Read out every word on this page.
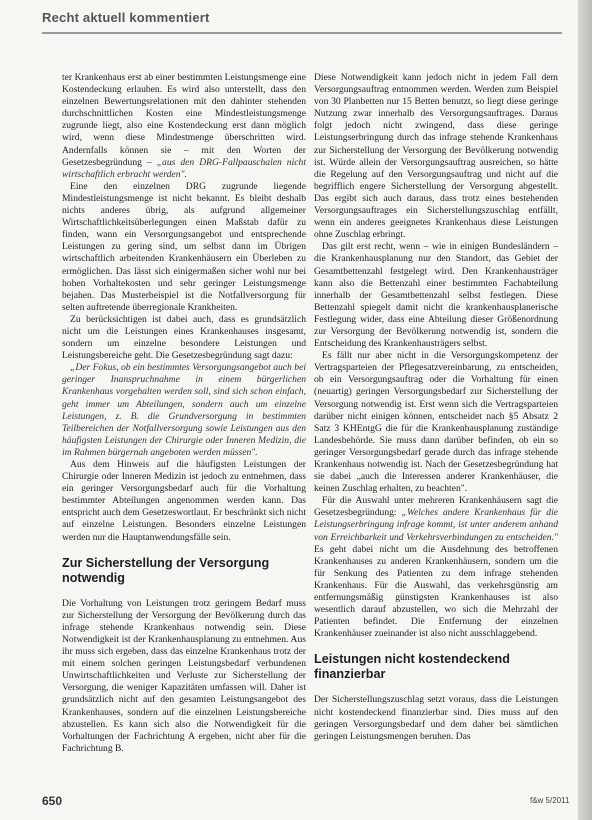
Recht aktuell kommentiert

ter Krankenhaus erst ab einer bestimmten Leistungsmenge eine Kostendeckung erlauben. Es wird also unterstellt, dass den einzelnen Bewertungsrelationen mit den dahinter stehenden durchschnittlichen Kosten eine Mindestleistungsmenge zugrunde liegt, also eine Kostendeckung erst dann möglich wird, wenn diese Mindestmenge überschritten wird. Andernfalls können sie – mit den Worten der Gesetzesbegründung – „aus den DRG-Fallpauschalen nicht wirtschaftlich erbracht werden".

Eine den einzelnen DRG zugrunde liegende Mindestleistungsmenge ist nicht bekannt. Es bleibt deshalb nichts anderes übrig, als aufgrund allgemeiner Wirtschaftlichkeitsüberlegungen einen Maßstab dafür zu finden, wann ein Versorgungsangebot und entsprechende Leistungen zu gering sind, um selbst dann im Übrigen wirtschaftlich arbeitenden Krankenhäusern ein Überleben zu ermöglichen. Das lässt sich einigermaßen sicher wohl nur bei hohen Vorhaltekosten und sehr geringer Leistungsmenge bejahen. Das Musterbeispiel ist die Notfallversorgung für selten auftretende überregionale Krankheiten.

Zu berücksichtigen ist dabei auch, dass es grundsätzlich nicht um die Leistungen eines Krankenhauses insgesamt, sondern um einzelne besondere Leistungen und Leistungsbereiche geht. Die Gesetzesbegründung sagt dazu:

„Der Fokus, ob ein bestimmtes Versorgungsangebot auch bei geringer Inanspruchnahme in einem bürgerlichen Krankenhaus vorgehalten werden soll, sind sich schon einfach, geht immer um Abteilungen, sondern auch um einzelne Leistungen, z. B. die Grundversorgung in bestimmten Teilbereichen der Notfallversorgung sowie Leistungen aus den häufigsten Leistungen der Chirurgie oder Inneren Medizin, die im Rahmen bürgernah angeboten werden müssen".

Aus dem Hinweis auf die häufigsten Leistungen der Chirurgie oder Inneren Medizin ist jedoch zu entnehmen, dass ein geringer Versorgungsbedarf auch für die Vorhaltung bestimmter Abteilungen angenommen werden kann. Das entspricht auch dem Gesetzeswortlaut. Er beschränkt sich nicht auf einzelne Leistungen. Besonders einzelne Leistungen werden nur die Hauptanwendungsfälle sein.

Zur Sicherstellung der Versorgung notwendig

Die Vorhaltung von Leistungen trotz geringem Bedarf muss zur Sicherstellung der Versorgung der Bevölkerung durch das infrage stehende Krankenhaus notwendig sein. Diese Notwendigkeit ist der Krankenhausplanung zu entnehmen. Aus ihr muss sich ergeben, dass das einzelne Krankenhaus trotz der mit einem solchen geringen Leistungsbedarf verbundenen Unwirtschaftlichkeiten und Verluste zur Sicherstellung der Versorgung, die weniger Kapazitäten umfassen will. Daher ist grundsätzlich nicht auf den gesamten Leistungsangebot des Krankenhauses, sondern auf die einzelnen Leistungsbereiche abzustellen. Es kann sich also die Notwendigkeit für die Vorhaltungen der Fachrichtung A ergeben, nicht aber für die Fachrichtung B.

Diese Notwendigkeit kann jedoch nicht in jedem Fall dem Versorgungsauftrag entnommen werden. Werden zum Beispiel von 30 Planbetten nur 15 Betten benutzt, so liegt diese geringe Nutzung zwar innerhalb des Versorgungsauftrages. Daraus folgt jedoch nicht zwingend, dass diese geringe Leistungserbringung durch das infrage stehende Krankenhaus zur Sicherstellung der Versorgung der Bevölkerung notwendig ist. Würde allein der Versorgungsauftrag ausreichen, so hätte die Regelung auf den Versorgungsauftrag und nicht auf die begrifflich engere Sicherstellung der Versorgung abgestellt. Das ergibt sich auch daraus, dass trotz eines bestehenden Versorgungsauftrages ein Sicherstellungszuschlag entfällt, wenn ein anderes geeignetes Krankenhaus diese Leistungen ohne Zuschlag erbringt.

Das gilt erst recht, wenn – wie in einigen Bundesländern – die Krankenhausplanung nur den Standort, das Gebiet der Gesamtbettenzahl festgelegt wird. Den Krankenhausträger kann also die Bettenzahl einer bestimmten Fachabteilung innerhalb der Gesamtbettenzahl selbst festlegen. Diese Bettenzahl spiegelt damit nicht die krankenhausplanerische Festlegung wider, dass eine Abteilung dieser Größenordnung zur Versorgung der Bevölkerung notwendig ist, sondern die Entscheidung des Krankenhausträgers selbst.

Es fällt nur aber nicht in die Versorgungskompetenz der Vertragsparteien der Pflegesatzvereinbarung, zu entscheiden, ob ein Versorgungsauftrag oder die Vorhaltung für einen (neuartig) geringen Versorgungsbedarf zur Sicherstellung der Versorgung notwendig ist. Erst wenn sich die Vertragsparteien darüber nicht einigen können, entscheidet nach §5 Absatz 2 Satz 3 KHEntgG die für die Krankenhausplanung zuständige Landesbehörde. Sie muss dann darüber befinden, ob ein so geringer Versorgungsbedarf gerade durch das infrage stehende Krankenhaus notwendig ist. Nach der Gesetzesbegründung hat sie dabei „auch die Interessen anderer Krankenhäuser, die keinen Zuschlag erhalten, zu beachten".

Für die Auswahl unter mehreren Krankenhäusern sagt die Gesetzesbegründung: „Welches andere Krankenhaus für die Leistungserbringung infrage kommt, ist unter anderem anhand von Erreichbarkeit und Verkehrsverbindungen zu entscheiden." Es geht dabei nicht um die Ausdehnung des betroffenen Krankenhauses zu anderen Krankenhäusern, sondern um die für Senkung des Patienten zu dem infrage stehenden Krankenhaus. Für die Auswahl, das verkehrsgünstig am entfernungsmäßig günstigsten Krankenhauses ist also wesentlich darauf abzustellen, wo sich die Mehrzahl der Patienten befindet. Die Entfernung der einzelnen Krankenhäuser zueinander ist also nicht ausschlaggebend.

Leistungen nicht kostendeckend finanzierbar

Der Sicherstellungszuschlag setzt voraus, dass die Leistungen nicht kostendeckend finanzierbar sind. Dies muss auf den geringen Versorgungsbedarf und dem daher bei sämtlichen geringen Leistungsmengen beruhen. Das

650	f&w 5/2011
